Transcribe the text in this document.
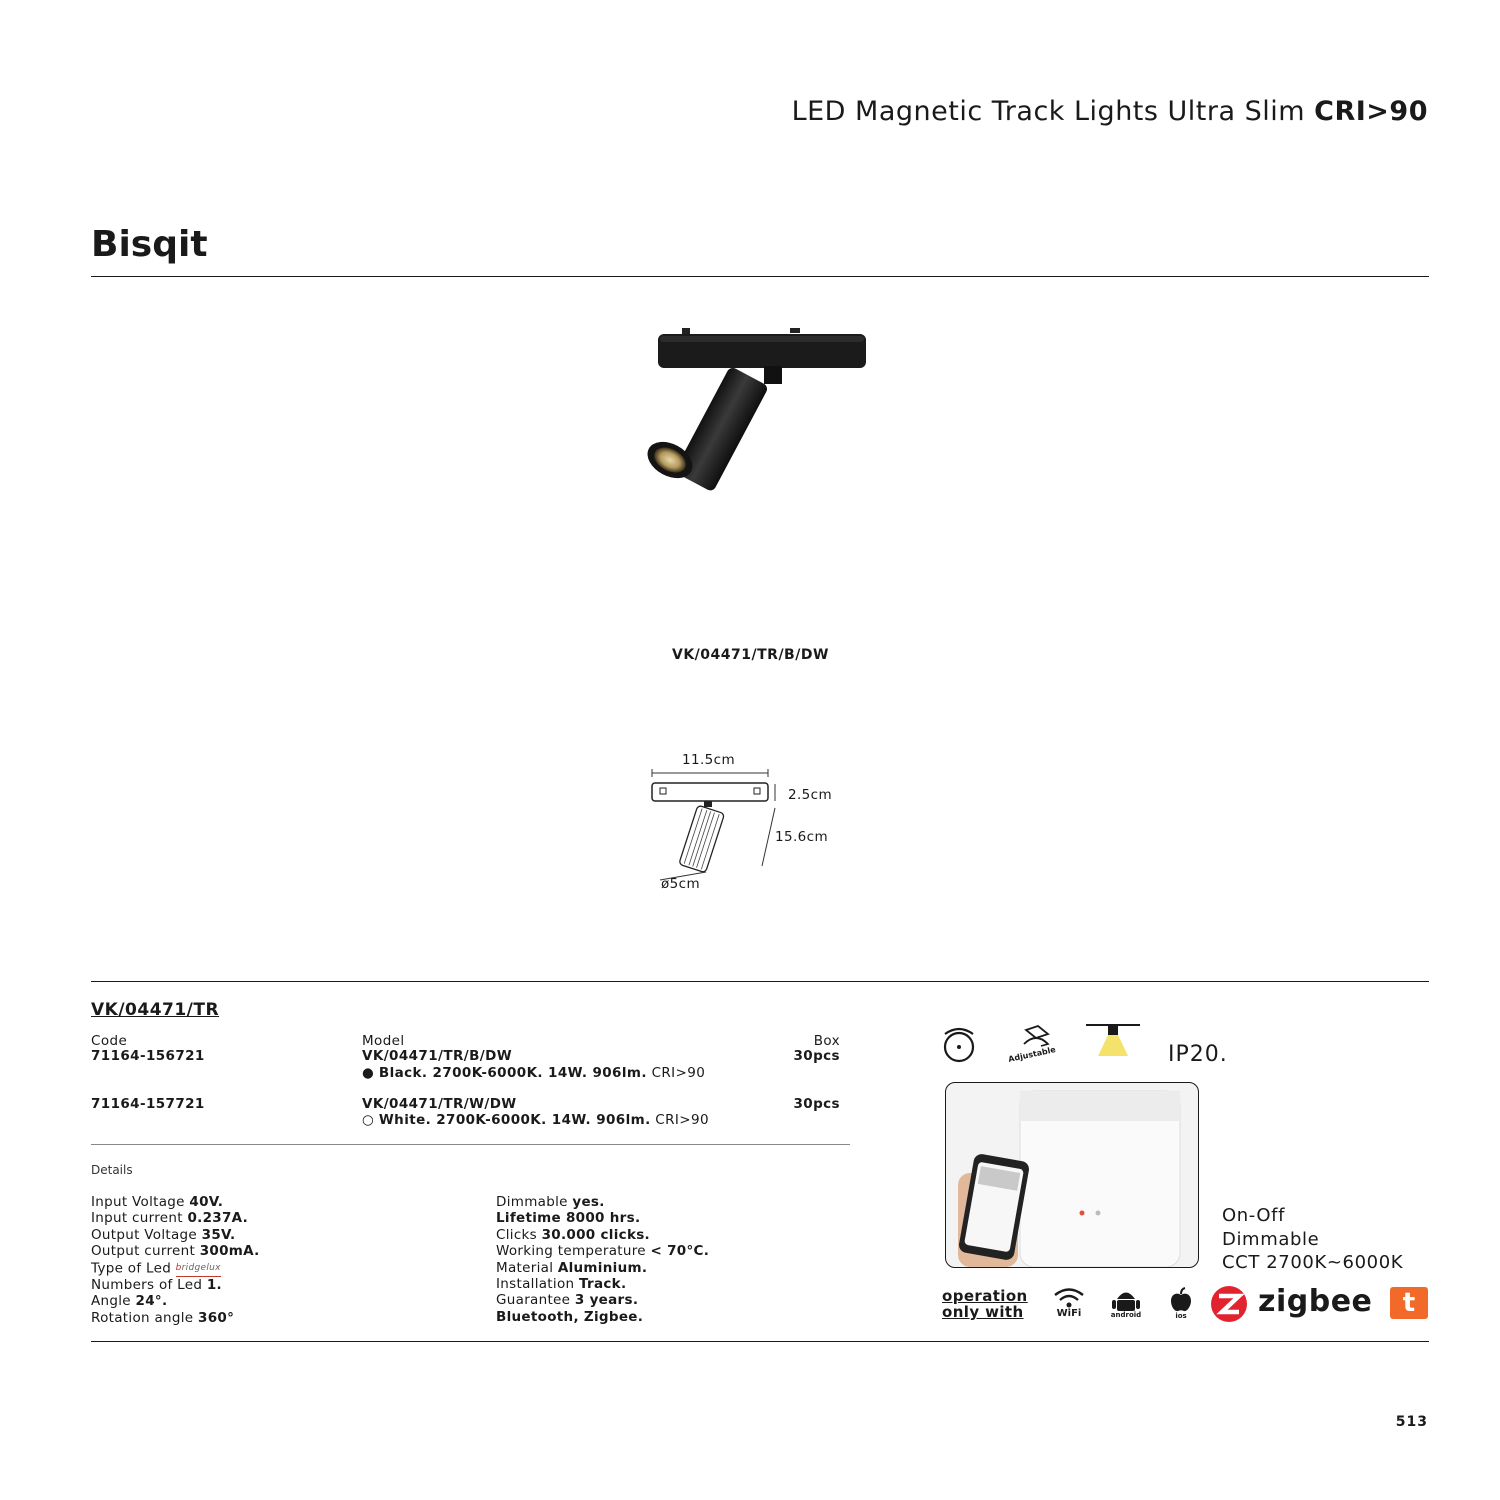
LED Magnetic Track Lights Ultra Slim CRI>90
Bisqit
VK/04471/TR/B/DW
11.5cm
2.5cm
15.6cm
ø5cm
VK/04471/TR
Code	Model	Box
71164-156721	VK/04471/TR/B/DW	30pcs
● Black. 2700K-6000K. 14W. 906lm. CRI>90
71164-157721	VK/04471/TR/W/DW	30pcs
○ White. 2700K-6000K. 14W. 906lm. CRI>90
Details
Input Voltage 40V.
Input current 0.237A.
Output Voltage 35V.
Output current 300mA.
Type of Led bridgelux
Numbers of Led 1.
Angle 24°.
Rotation angle 360°
Dimmable yes.
Lifetime 8000 hrs.
Clicks 30.000 clicks.
Working temperature < 70°C.
Material Aluminium.
Installation Track.
Guarantee 3 years.
Bluetooth, Zigbee.
Adjustable	IP20.
On-Off
Dimmable
CCT 2700K~6000K
operation
only with	WiFi	android	ios	zigbee	t
513
